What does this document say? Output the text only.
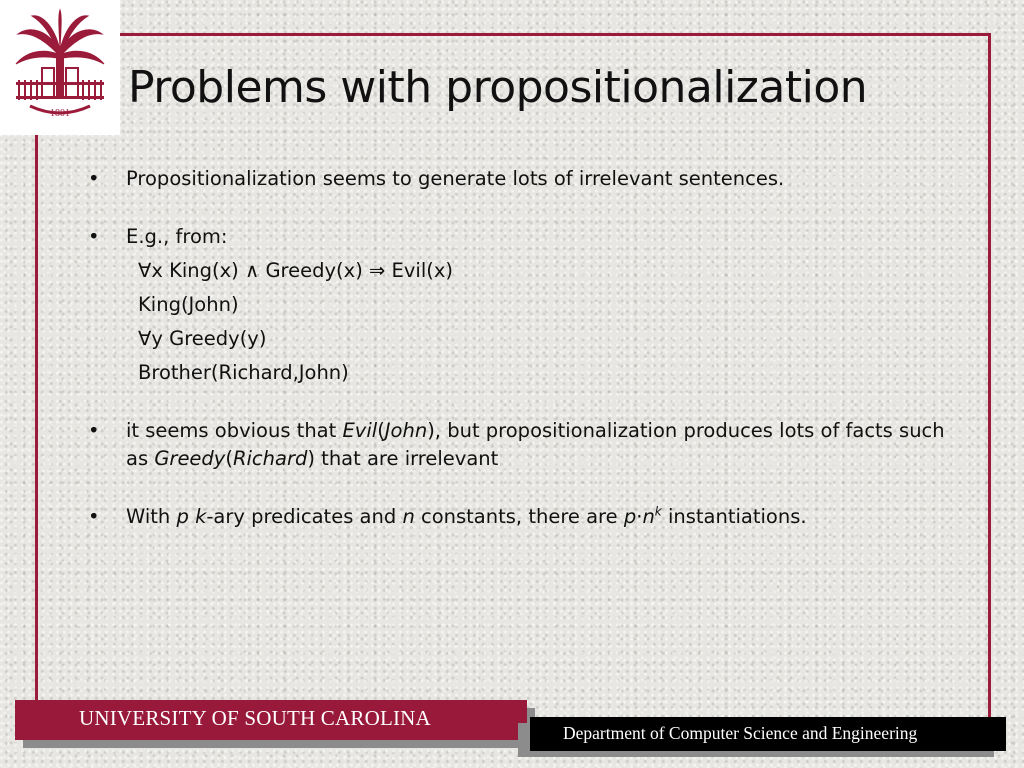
1801
Problems with propositionalization
• Propositionalization seems to generate lots of irrelevant sentences.
• E.g., from:
∀x King(x) ∧ Greedy(x) ⇒ Evil(x)
King(John)
∀y Greedy(y)
Brother(Richard,John)
• it seems obvious that Evil(John), but propositionalization produces lots of facts such as Greedy(Richard) that are irrelevant
• With p k-ary predicates and n constants, there are $p\cdot n^k$ instantiations.
UNIVERSITY OF SOUTH CAROLINA
Department of Computer Science and Engineering
